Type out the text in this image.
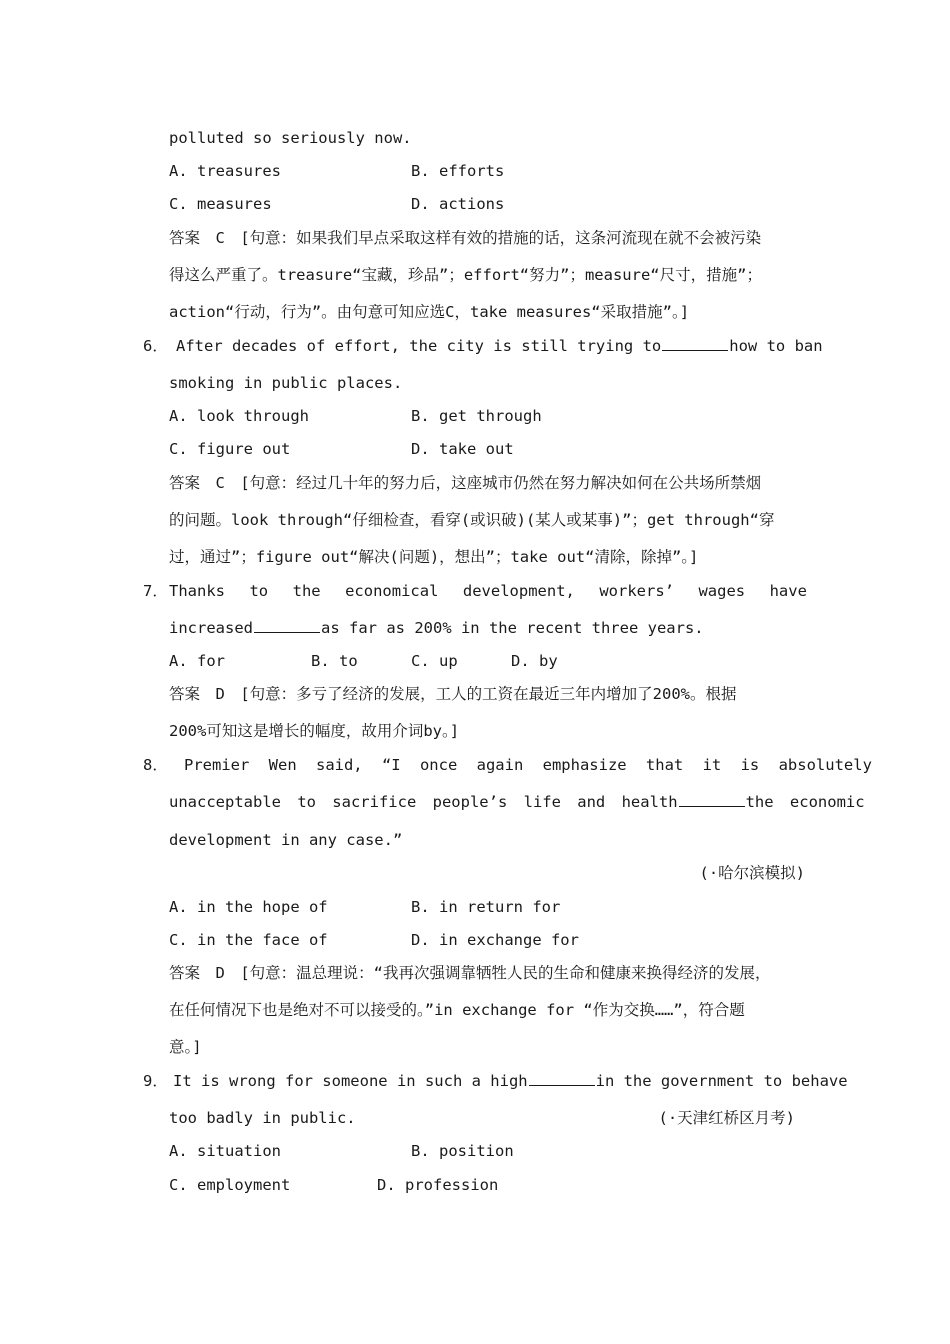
polluted so seriously now.
A. treasures	B. efforts
C. measures	D. actions
答案　C　[句意：如果我们早点采取这样有效的措施的话，这条河流现在就不会被污染
得这么严重了。treasure“宝藏，珍品”；effort“努力”；measure“尺寸，措施”；
action“行动，行为”。由句意可知应选C，take measures“采取措施”。]
6． After decades of effort, the city is still trying to	how to ban
smoking in public places.
A. look through	B. get through
C. figure out	D. take out
答案　C　[句意：经过几十年的努力后，这座城市仍然在努力解决如何在公共场所禁烟
的问题。look through“仔细检查，看穿(或识破)(某人或某事)”；get through“穿
过，通过”；figure out“解决(问题)，想出”；take out“清除，除掉”。]
7． Thanks to the economical development, workers’ wages have
increased	as far as 200% in the recent three years.
A. for	B. to	C. up	D. by
答案　D　[句意：多亏了经济的发展，工人的工资在最近三年内增加了200%。根据
200%可知这是增长的幅度，故用介词by。]
8． Premier Wen said, “I once again emphasize that it is absolutely
unacceptable to sacrifice people’s life and health	the economic
development in any case.”
(·哈尔滨模拟)
A. in the hope of	B. in return for
C. in the face of	D. in exchange for
答案　D　[句意：温总理说：“我再次强调靠牺牲人民的生命和健康来换得经济的发展，
在任何情况下也是绝对不可以接受的。”in exchange for “作为交换……”，符合题
意。]
9． It is wrong for someone in such a high	in the government to behave
too badly in public.	(·天津红桥区月考)
A. situation	B. position
C. employment	D. profession
